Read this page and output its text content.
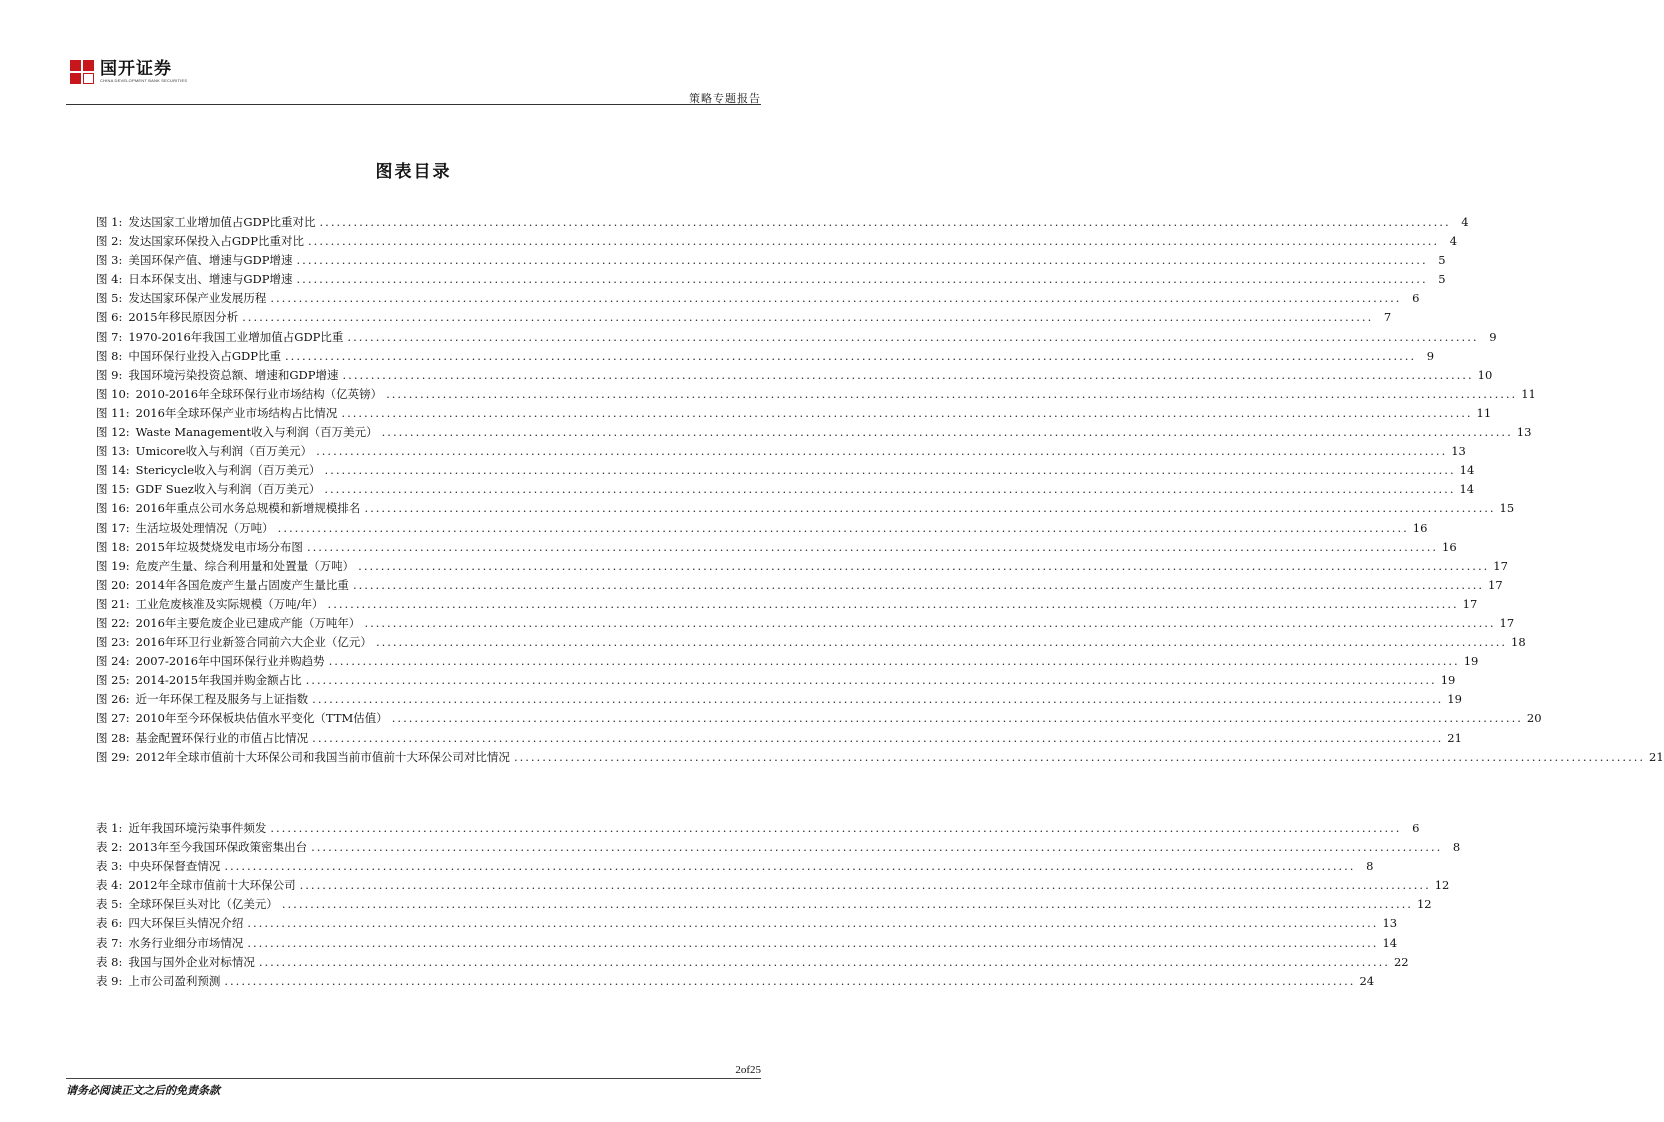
国开证券
CHINA DEVELOPMENT BANK SECURITIES
策略专题报告
图表目录
图 1: 发达国家工业增加值占GDP比重对比 .....	4
图 2: 发达国家环保投入占GDP比重对比 .....	4
图 3: 美国环保产值、增速与GDP增速 .....	5
图 4: 日本环保支出、增速与GDP增速 .....	5
图 5: 发达国家环保产业发展历程 .....	6
图 6: 2015年移民原因分析 .....	7
图 7: 1970-2016年我国工业增加值占GDP比重 .....	9
图 8: 中国环保行业投入占GDP比重 .....	9
图 9: 我国环境污染投资总额、增速和GDP增速 .....	10
图 10: 2010-2016年全球环保行业市场结构（亿英镑） .....	11
图 11: 2016年全球环保产业市场结构占比情况 .....	11
图 12: Waste Management收入与利润（百万美元） .....	13
图 13: Umicore收入与利润（百万美元） .....	13
图 14: Stericycle收入与利润（百万美元） .....	14
图 15: GDF Suez收入与利润（百万美元） .....	14
图 16: 2016年重点公司水务总规模和新增规模排名 .....	15
图 17: 生活垃圾处理情况（万吨） .....	16
图 18: 2015年垃圾焚烧发电市场分布图 .....	16
图 19: 危废产生量、综合利用量和处置量（万吨） .....	17
图 20: 2014年各国危废产生量占固废产生量比重 .....	17
图 21: 工业危废核准及实际规模（万吨/年） .....	17
图 22: 2016年主要危废企业已建成产能（万吨年） .....	17
图 23: 2016年环卫行业新签合同前六大企业（亿元） .....	18
图 24: 2007-2016年中国环保行业并购趋势 .....	19
图 25: 2014-2015年我国并购金额占比 .....	19
图 26: 近一年环保工程及服务与上证指数 .....	19
图 27: 2010年至今环保板块估值水平变化（TTM估值） .....	20
图 28: 基金配置环保行业的市值占比情况 .....	21
图 29: 2012年全球市值前十大环保公司和我国当前市值前十大环保公司对比情况 .....	21
表 1: 近年我国环境污染事件频发 .....	6
表 2: 2013年至今我国环保政策密集出台 .....	8
表 3: 中央环保督查情况 .....	8
表 4: 2012年全球市值前十大环保公司 .....	12
表 5: 全球环保巨头对比（亿美元） .....	12
表 6: 四大环保巨头情况介绍 .....	13
表 7: 水务行业细分市场情况 .....	14
表 8: 我国与国外企业对标情况 .....	22
表 9: 上市公司盈利预测 .....	24
2of25
请务必阅读正文之后的免责条款
